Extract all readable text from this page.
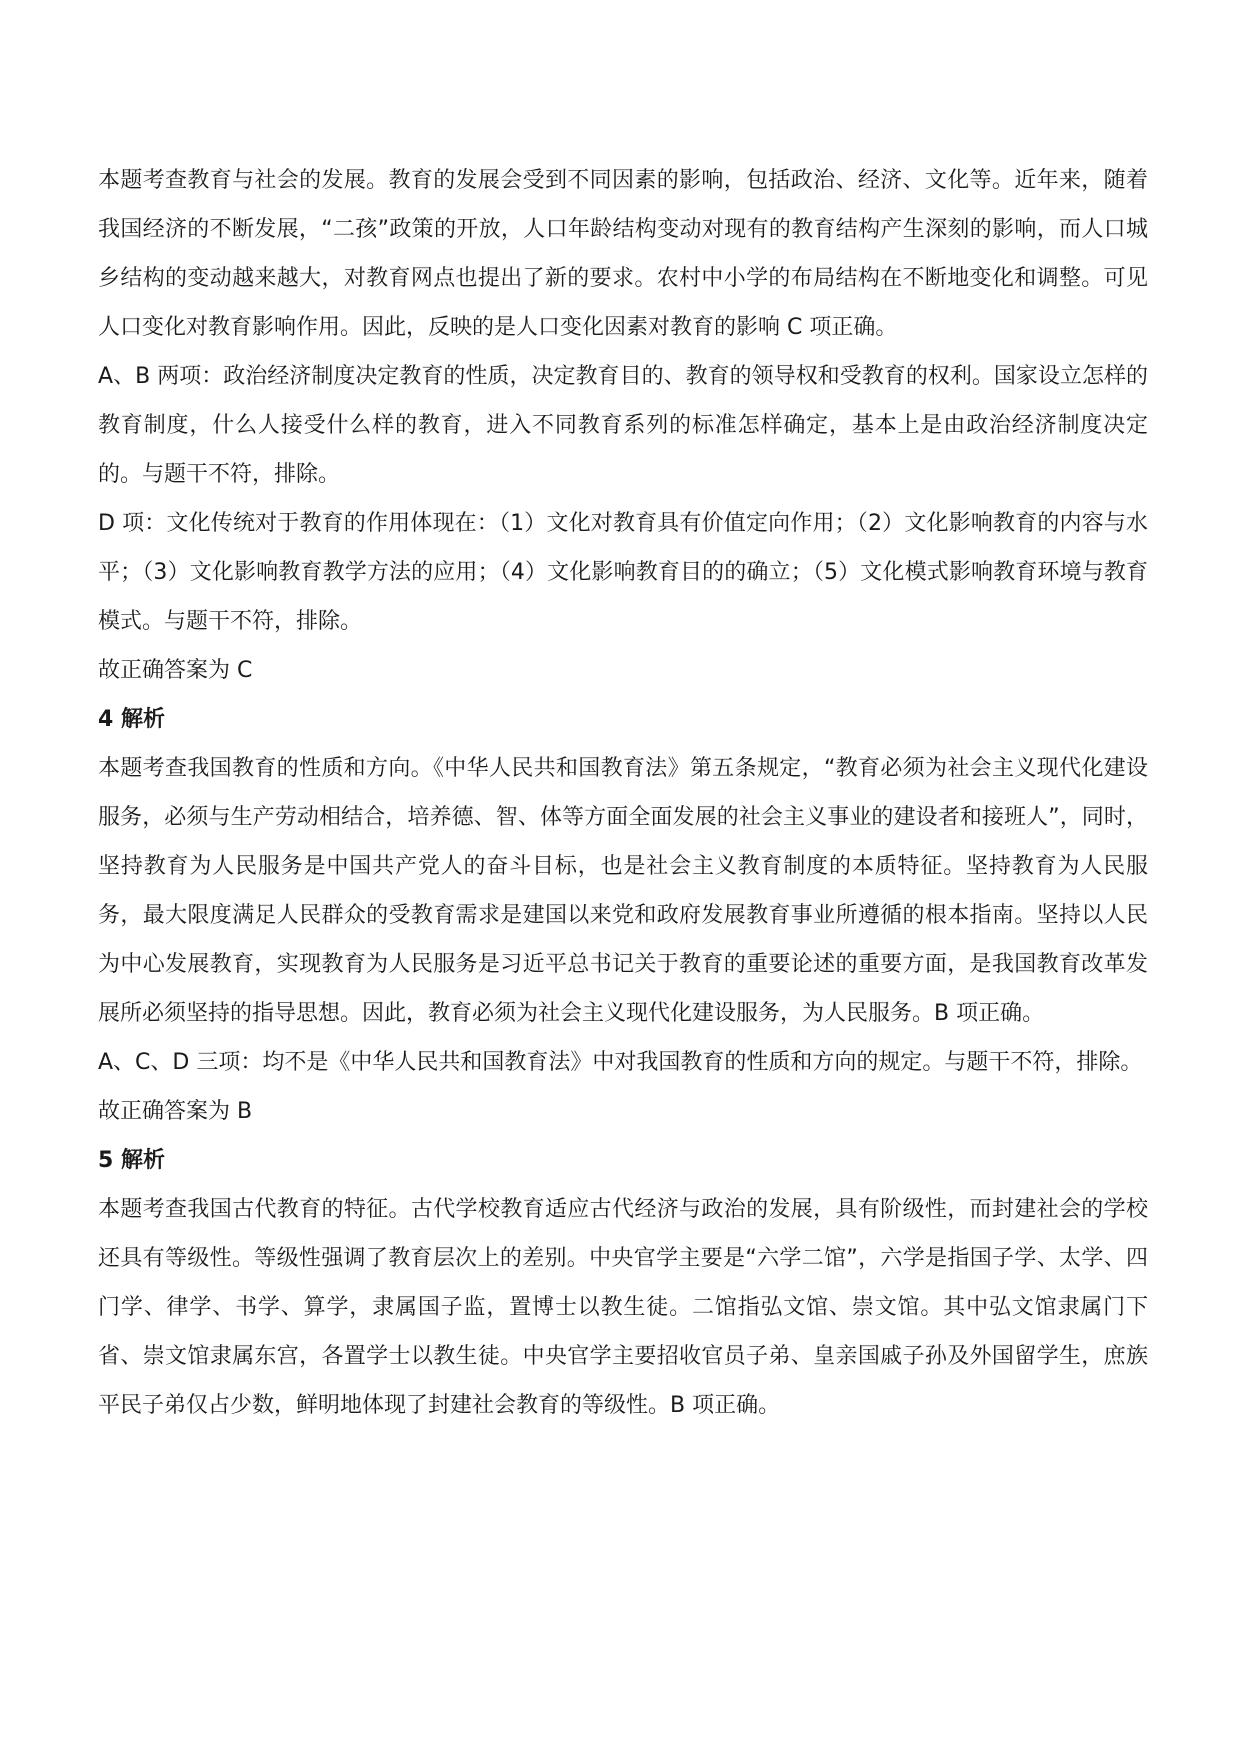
本题考查教育与社会的发展。教育的发展会受到不同因素的影响，包括政治、经济、文化等。近年来，随着我国经济的不断发展，“二孩”政策的开放，人口年龄结构变动对现有的教育结构产生深刻的影响，而人口城乡结构的变动越来越大，对教育网点也提出了新的要求。农村中小学的布局结构在不断地变化和调整。可见人口变化对教育影响作用。因此，反映的是人口变化因素对教育的影响 C 项正确。

A、B 两项：政治经济制度决定教育的性质，决定教育目的、教育的领导权和受教育的权利。国家设立怎样的教育制度，什么人接受什么样的教育，进入不同教育系列的标准怎样确定，基本上是由政治经济制度决定的。与题干不符，排除。

D 项：文化传统对于教育的作用体现在：（1）文化对教育具有价值定向作用；（2）文化影响教育的内容与水平；（3）文化影响教育教学方法的应用；（4）文化影响教育目的的确立；（5）文化模式影响教育环境与教育模式。与题干不符，排除。

故正确答案为 C

4 解析

本题考查我国教育的性质和方向。《中华人民共和国教育法》第五条规定，“教育必须为社会主义现代化建设服务，必须与生产劳动相结合，培养德、智、体等方面全面发展的社会主义事业的建设者和接班人”，同时，坚持教育为人民服务是中国共产党人的奋斗目标，也是社会主义教育制度的本质特征。坚持教育为人民服务，最大限度满足人民群众的受教育需求是建国以来党和政府发展教育事业所遵循的根本指南。坚持以人民为中心发展教育，实现教育为人民服务是习近平总书记关于教育的重要论述的重要方面，是我国教育改革发展所必须坚持的指导思想。因此，教育必须为社会主义现代化建设服务，为人民服务。B 项正确。

A、C、D 三项：均不是《中华人民共和国教育法》中对我国教育的性质和方向的规定。与题干不符，排除。

故正确答案为 B

5 解析

本题考查我国古代教育的特征。古代学校教育适应古代经济与政治的发展，具有阶级性，而封建社会的学校还具有等级性。等级性强调了教育层次上的差别。中央官学主要是“六学二馆”，六学是指国子学、太学、四门学、律学、书学、算学，隶属国子监，置博士以教生徒。二馆指弘文馆、崇文馆。其中弘文馆隶属门下省、崇文馆隶属东宫，各置学士以教生徒。中央官学主要招收官员子弟、皇亲国戚子孙及外国留学生，庶族平民子弟仅占少数，鲜明地体现了封建社会教育的等级性。B 项正确。
